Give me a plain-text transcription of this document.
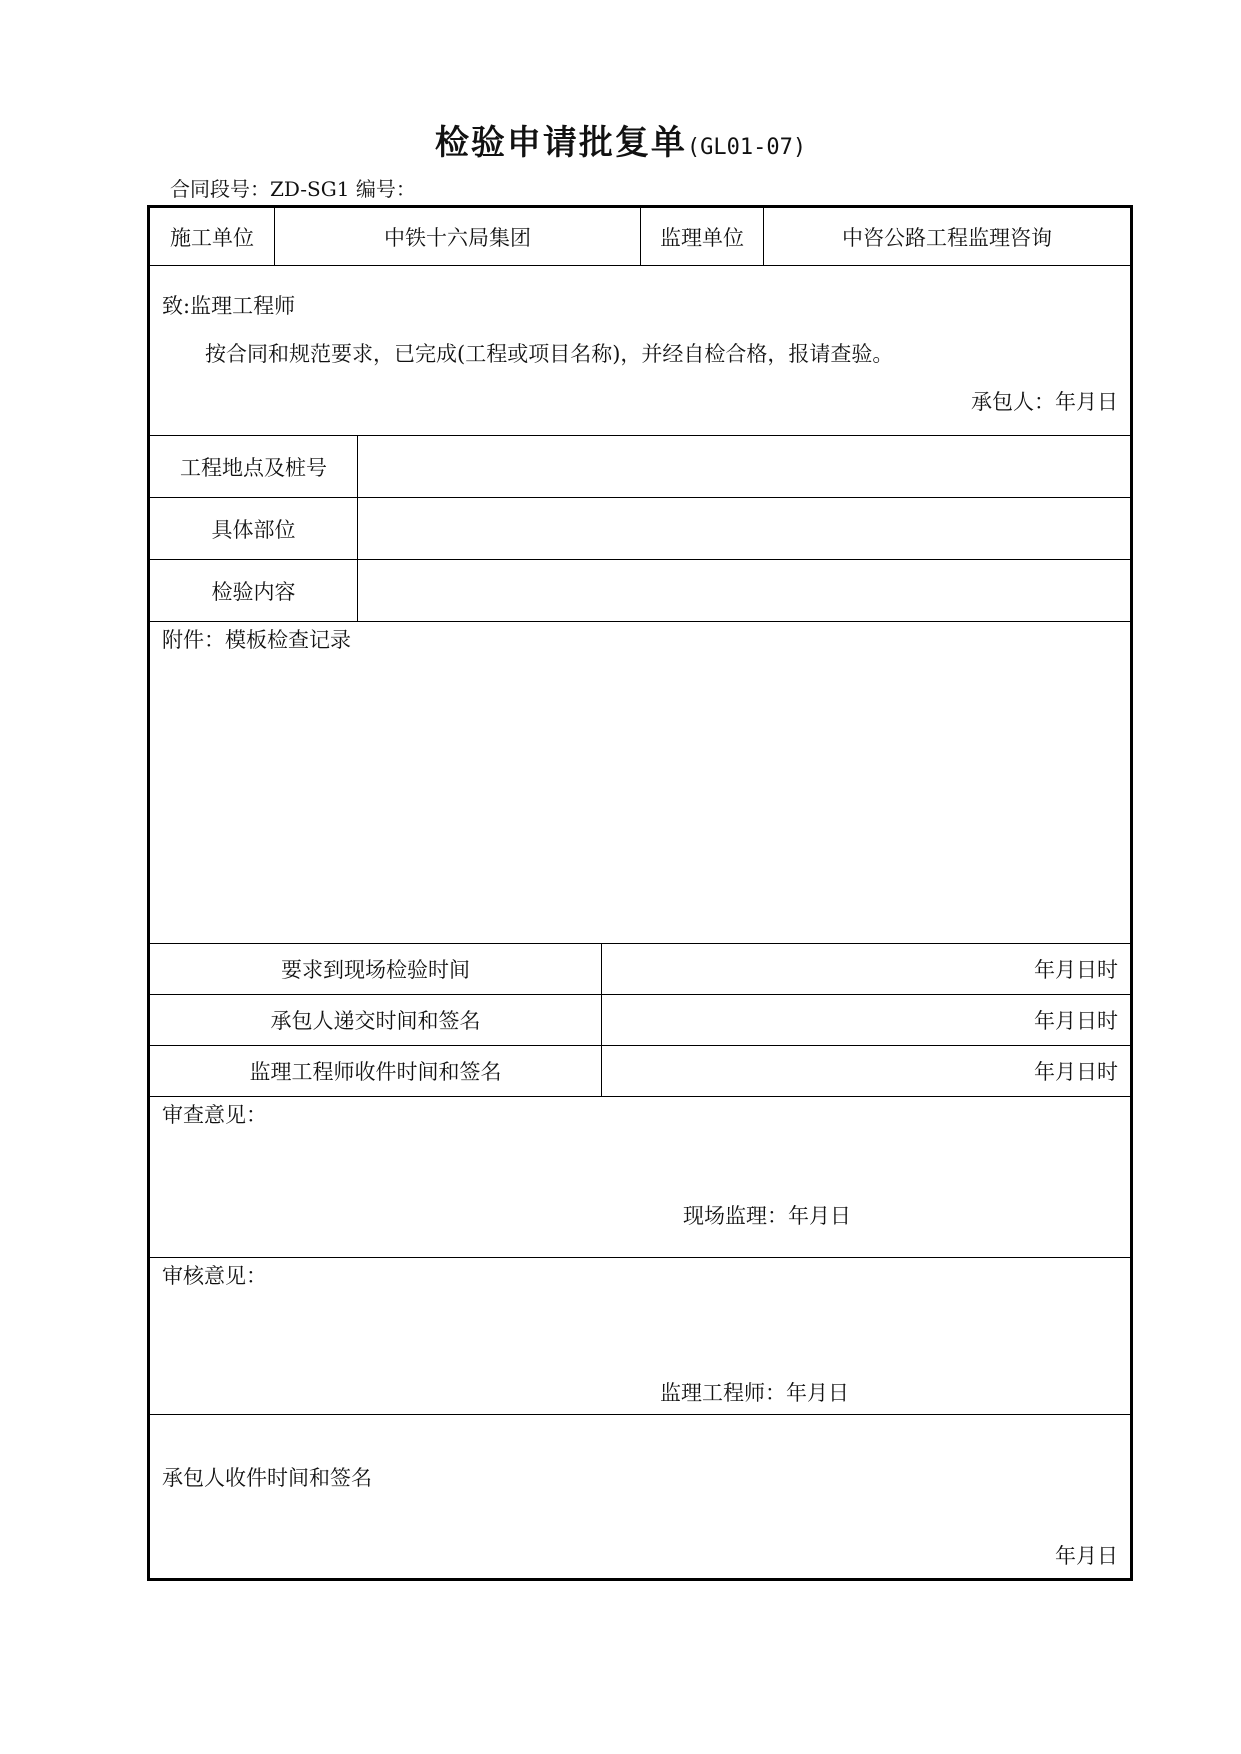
检验申请批复单(GL01-07)
合同段号：ZD-SG1 编号：
施工单位	中铁十六局集团	监理单位	中咨公路工程监理咨询
致:监理工程师
按合同和规范要求，已完成(工程或项目名称)，并经自检合格，报请查验。
承包人：年月日
工程地点及桩号
具体部位
检验内容
附件：模板检查记录
要求到现场检验时间	年月日时
承包人递交时间和签名	年月日时
监理工程师收件时间和签名	年月日时
审查意见：
现场监理：年月日
审核意见：
监理工程师：年月日
承包人收件时间和签名
年月日
